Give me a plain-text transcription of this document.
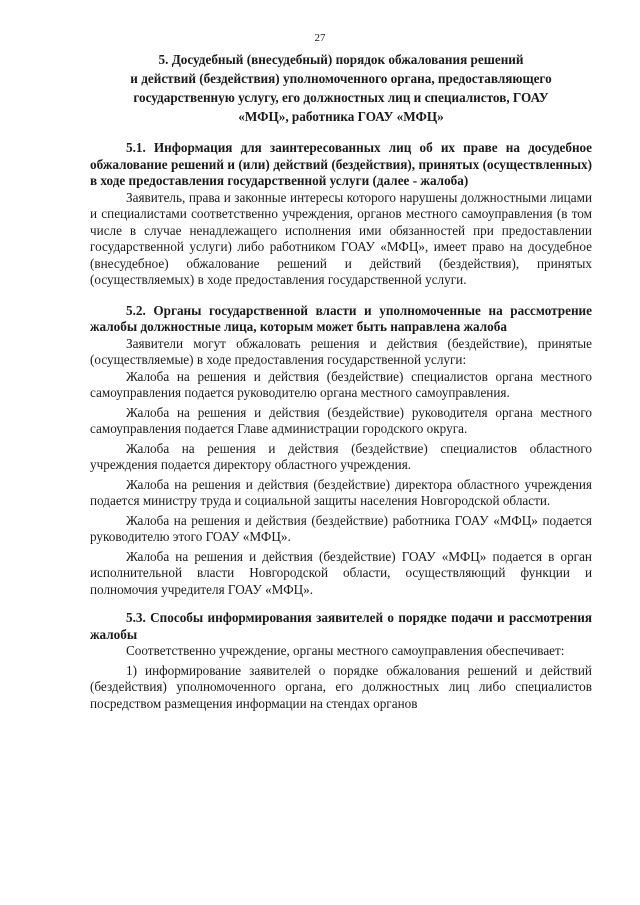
27
5. Досудебный (внесудебный) порядок обжалования решений
и действий (бездействия) уполномоченного органа, предоставляющего
государственную услугу, его должностных лиц и специалистов, ГОАУ
«МФЦ», работника ГОАУ «МФЦ»
5.1. Информация для заинтересованных лиц об их праве на досудебное обжалование решений и (или) действий (бездействия), принятых (осуществленных) в ходе предоставления государственной услуги (далее - жалоба)

Заявитель, права и законные интересы которого нарушены должностными лицами и специалистами соответственно учреждения, органов местного самоуправления (в том числе в случае ненадлежащего исполнения ими обязанностей при предоставлении государственной услуги) либо работником ГОАУ «МФЦ», имеет право на досудебное (внесудебное) обжалование решений и действий (бездействия), принятых (осуществляемых) в ходе предоставления государственной услуги.

5.2. Органы государственной власти и уполномоченные на рассмотрение жалобы должностные лица, которым может быть направлена жалоба

Заявители могут обжаловать решения и действия (бездействие), принятые (осуществляемые) в ходе предоставления государственной услуги:

Жалоба на решения и действия (бездействие) специалистов органа местного самоуправления подается руководителю органа местного самоуправления.

Жалоба на решения и действия (бездействие) руководителя органа местного самоуправления подается Главе администрации городского округа.

Жалоба на решения и действия (бездействие) специалистов областного учреждения подается директору областного учреждения.

Жалоба на решения и действия (бездействие) директора областного учреждения подается министру труда и социальной защиты населения Новгородской области.

Жалоба на решения и действия (бездействие) работника ГОАУ «МФЦ» подается руководителю этого ГОАУ «МФЦ».

Жалоба на решения и действия (бездействие) ГОАУ «МФЦ» подается в орган исполнительной власти Новгородской области, осуществляющий функции и полномочия учредителя ГОАУ «МФЦ».

5.3. Способы информирования заявителей о порядке подачи и рассмотрения жалобы

Соответственно учреждение, органы местного самоуправления обеспечивает:

1) информирование заявителей о порядке обжалования решений и действий (бездействия) уполномоченного органа, его должностных лиц либо специалистов посредством размещения информации на стендах органов
